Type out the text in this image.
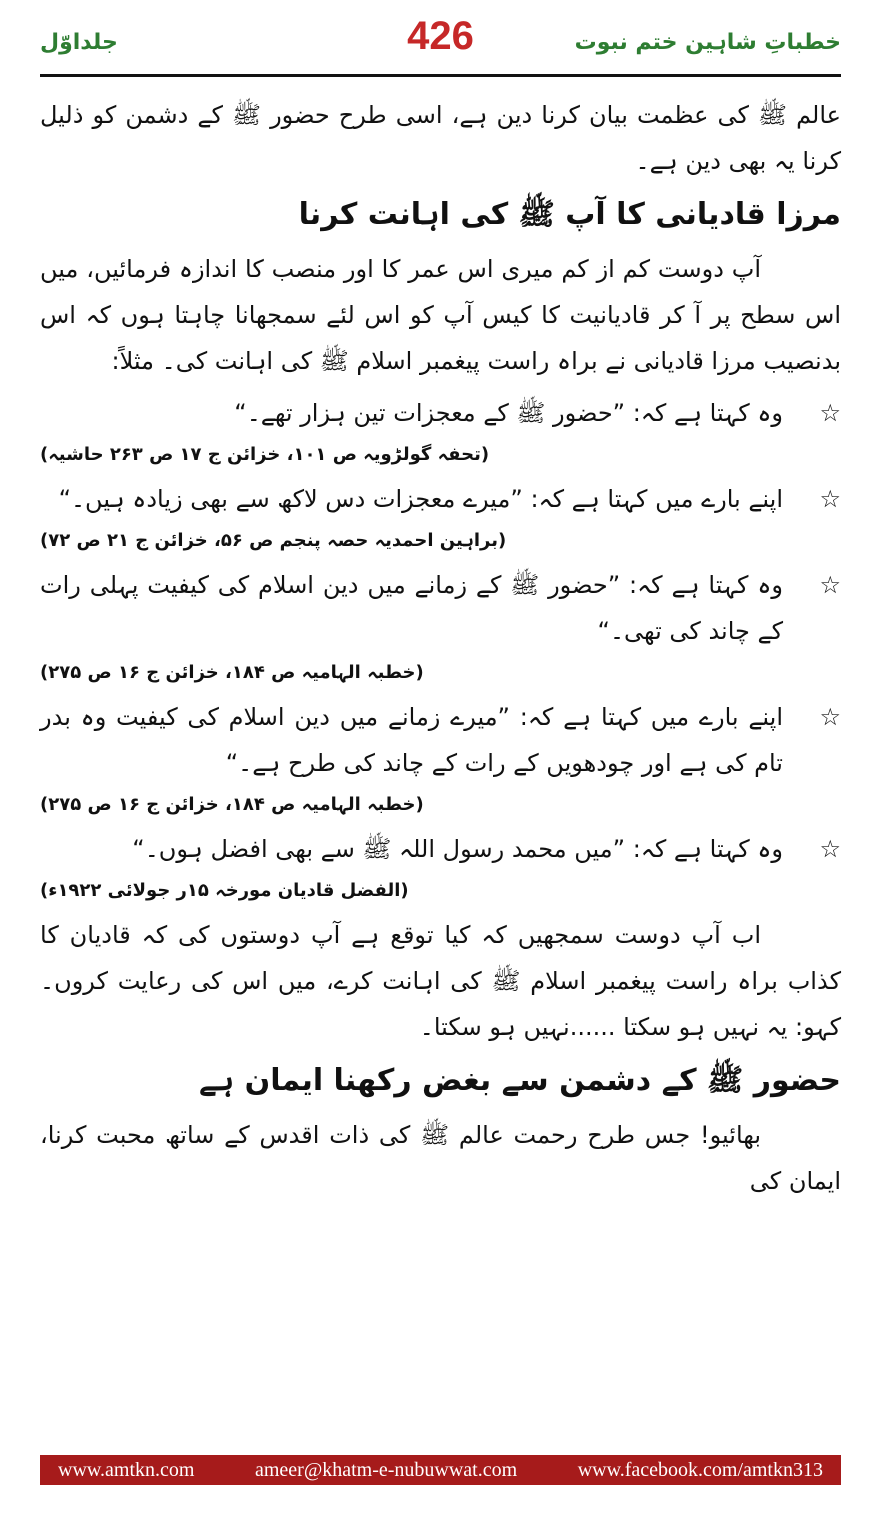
جلداوّل	426	خطباتِ شاہین ختم نبوت

عالم ﷺ کی عظمت بیان کرنا دین ہے، اسی طرح حضور ﷺ کے دشمن کو ذلیل کرنا یہ بھی دین ہے۔

مرزا قادیانی کا آپ ﷺ کی اہانت کرنا

آپ دوست کم از کم میری اس عمر کا اور منصب کا اندازہ فرمائیں، میں اس سطح پر آ کر قادیانیت کا کیس آپ کو اس لئے سمجھانا چاہتا ہوں کہ اس بدنصیب مرزا قادیانی نے براہ راست پیغمبر اسلام ﷺ کی اہانت کی۔ مثلاً:

☆
وہ کہتا ہے کہ: ”حضور ﷺ کے معجزات تین ہزار تھے۔“
(تحفہ گولڑویہ ص ۱۰۱، خزائن ج ۱۷ ص ۲۶۳ حاشیہ)
☆
اپنے بارے میں کہتا ہے کہ: ”میرے معجزات دس لاکھ سے بھی زیادہ ہیں۔“
(براہین احمدیہ حصہ پنجم ص ۵۶، خزائن ج ۲۱ ص ۷۲)
☆
وہ کہتا ہے کہ: ”حضور ﷺ کے زمانے میں دین اسلام کی کیفیت پہلی رات کے چاند کی تھی۔“
(خطبہ الہامیہ ص ۱۸۴، خزائن ج ۱۶ ص ۲۷۵)
☆
اپنے بارے میں کہتا ہے کہ: ”میرے زمانے میں دین اسلام کی کیفیت وہ بدر تام کی ہے اور چودھویں کے رات کے چاند کی طرح ہے۔“
(خطبہ الہامیہ ص ۱۸۴، خزائن ج ۱۶ ص ۲۷۵)
☆
وہ کہتا ہے کہ: ”میں محمد رسول اللہ ﷺ سے بھی افضل ہوں۔“
(الفضل قادیان مورخہ ۱۵ر جولائی ۱۹۲۲ء)

اب آپ دوست سمجھیں کہ کیا توقع ہے آپ دوستوں کی کہ قادیان کا کذاب براہ راست پیغمبر اسلام ﷺ کی اہانت کرے، میں اس کی رعایت کروں۔ کہو: یہ نہیں ہو سکتا ......نہیں ہو سکتا۔

حضور ﷺ کے دشمن سے بغض رکھنا ایمان ہے

بھائیو! جس طرح رحمت عالم ﷺ کی ذات اقدس کے ساتھ محبت کرنا، ایمان کی

www.amtkn.com	ameer@khatm-e-nubuwwat.com	www.facebook.com/amtkn313
